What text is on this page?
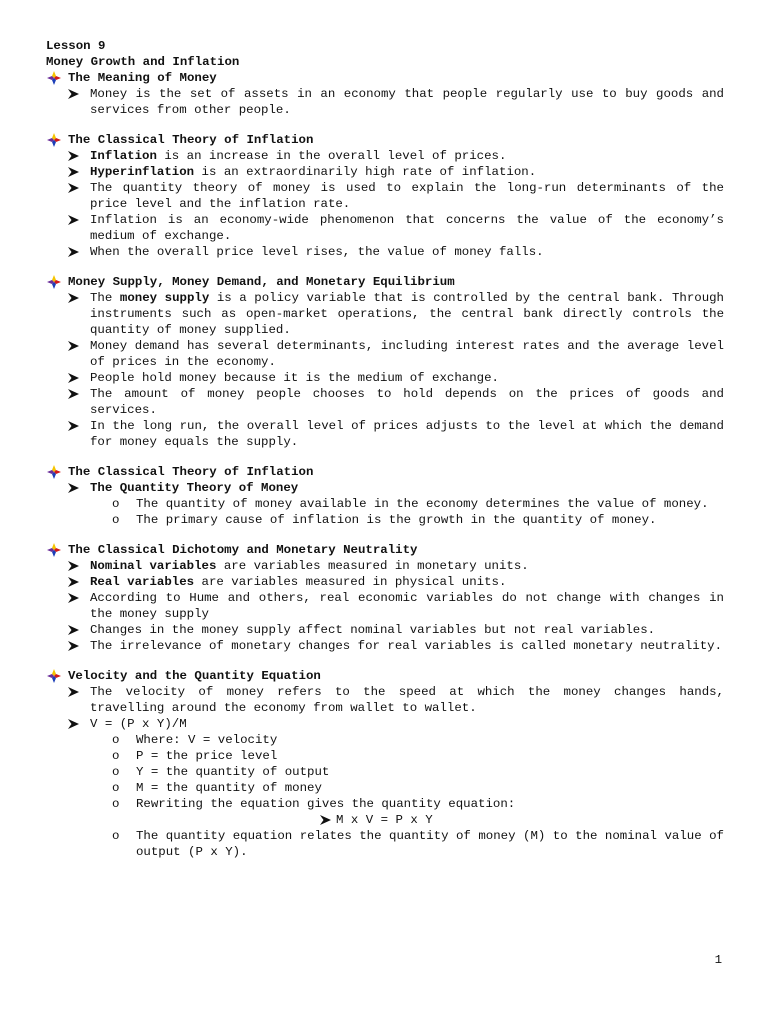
Lesson 9
Money Growth and Inflation
The Meaning of Money
Money is the set of assets in an economy that people regularly use to buy goods and services from other people.
The Classical Theory of Inflation
Inflation is an increase in the overall level of prices.
Hyperinflation is an extraordinarily high rate of inflation.
The quantity theory of money is used to explain the long-run determinants of the price level and the inflation rate.
Inflation is an economy-wide phenomenon that concerns the value of the economy’s medium of exchange.
When the overall price level rises, the value of money falls.
Money Supply, Money Demand, and Monetary Equilibrium
The money supply is a policy variable that is controlled by the central bank. Through instruments such as open-market operations, the central bank directly controls the quantity of money supplied.
Money demand has several determinants, including interest rates and the average level of prices in the economy.
People hold money because it is the medium of exchange.
The amount of money people chooses to hold depends on the prices of goods and services.
In the long run, the overall level of prices adjusts to the level at which the demand for money equals the supply.
The Classical Theory of Inflation
The Quantity Theory of Money
o The quantity of money available in the economy determines the value of money.
o The primary cause of inflation is the growth in the quantity of money.
The Classical Dichotomy and Monetary Neutrality
Nominal variables are variables measured in monetary units.
Real variables are variables measured in physical units.
According to Hume and others, real economic variables do not change with changes in the money supply
Changes in the money supply affect nominal variables but not real variables.
The irrelevance of monetary changes for real variables is called monetary neutrality.
Velocity and the Quantity Equation
The velocity of money refers to the speed at which the money changes hands, travelling around the economy from wallet to wallet.
V = (P x Y)/M
o Where: V = velocity
o P = the price level
o Y = the quantity of output
o M = the quantity of money
o Rewriting the equation gives the quantity equation:
M x V = P x Y
o The quantity equation relates the quantity of money (M) to the nominal value of output (P x Y).
1
